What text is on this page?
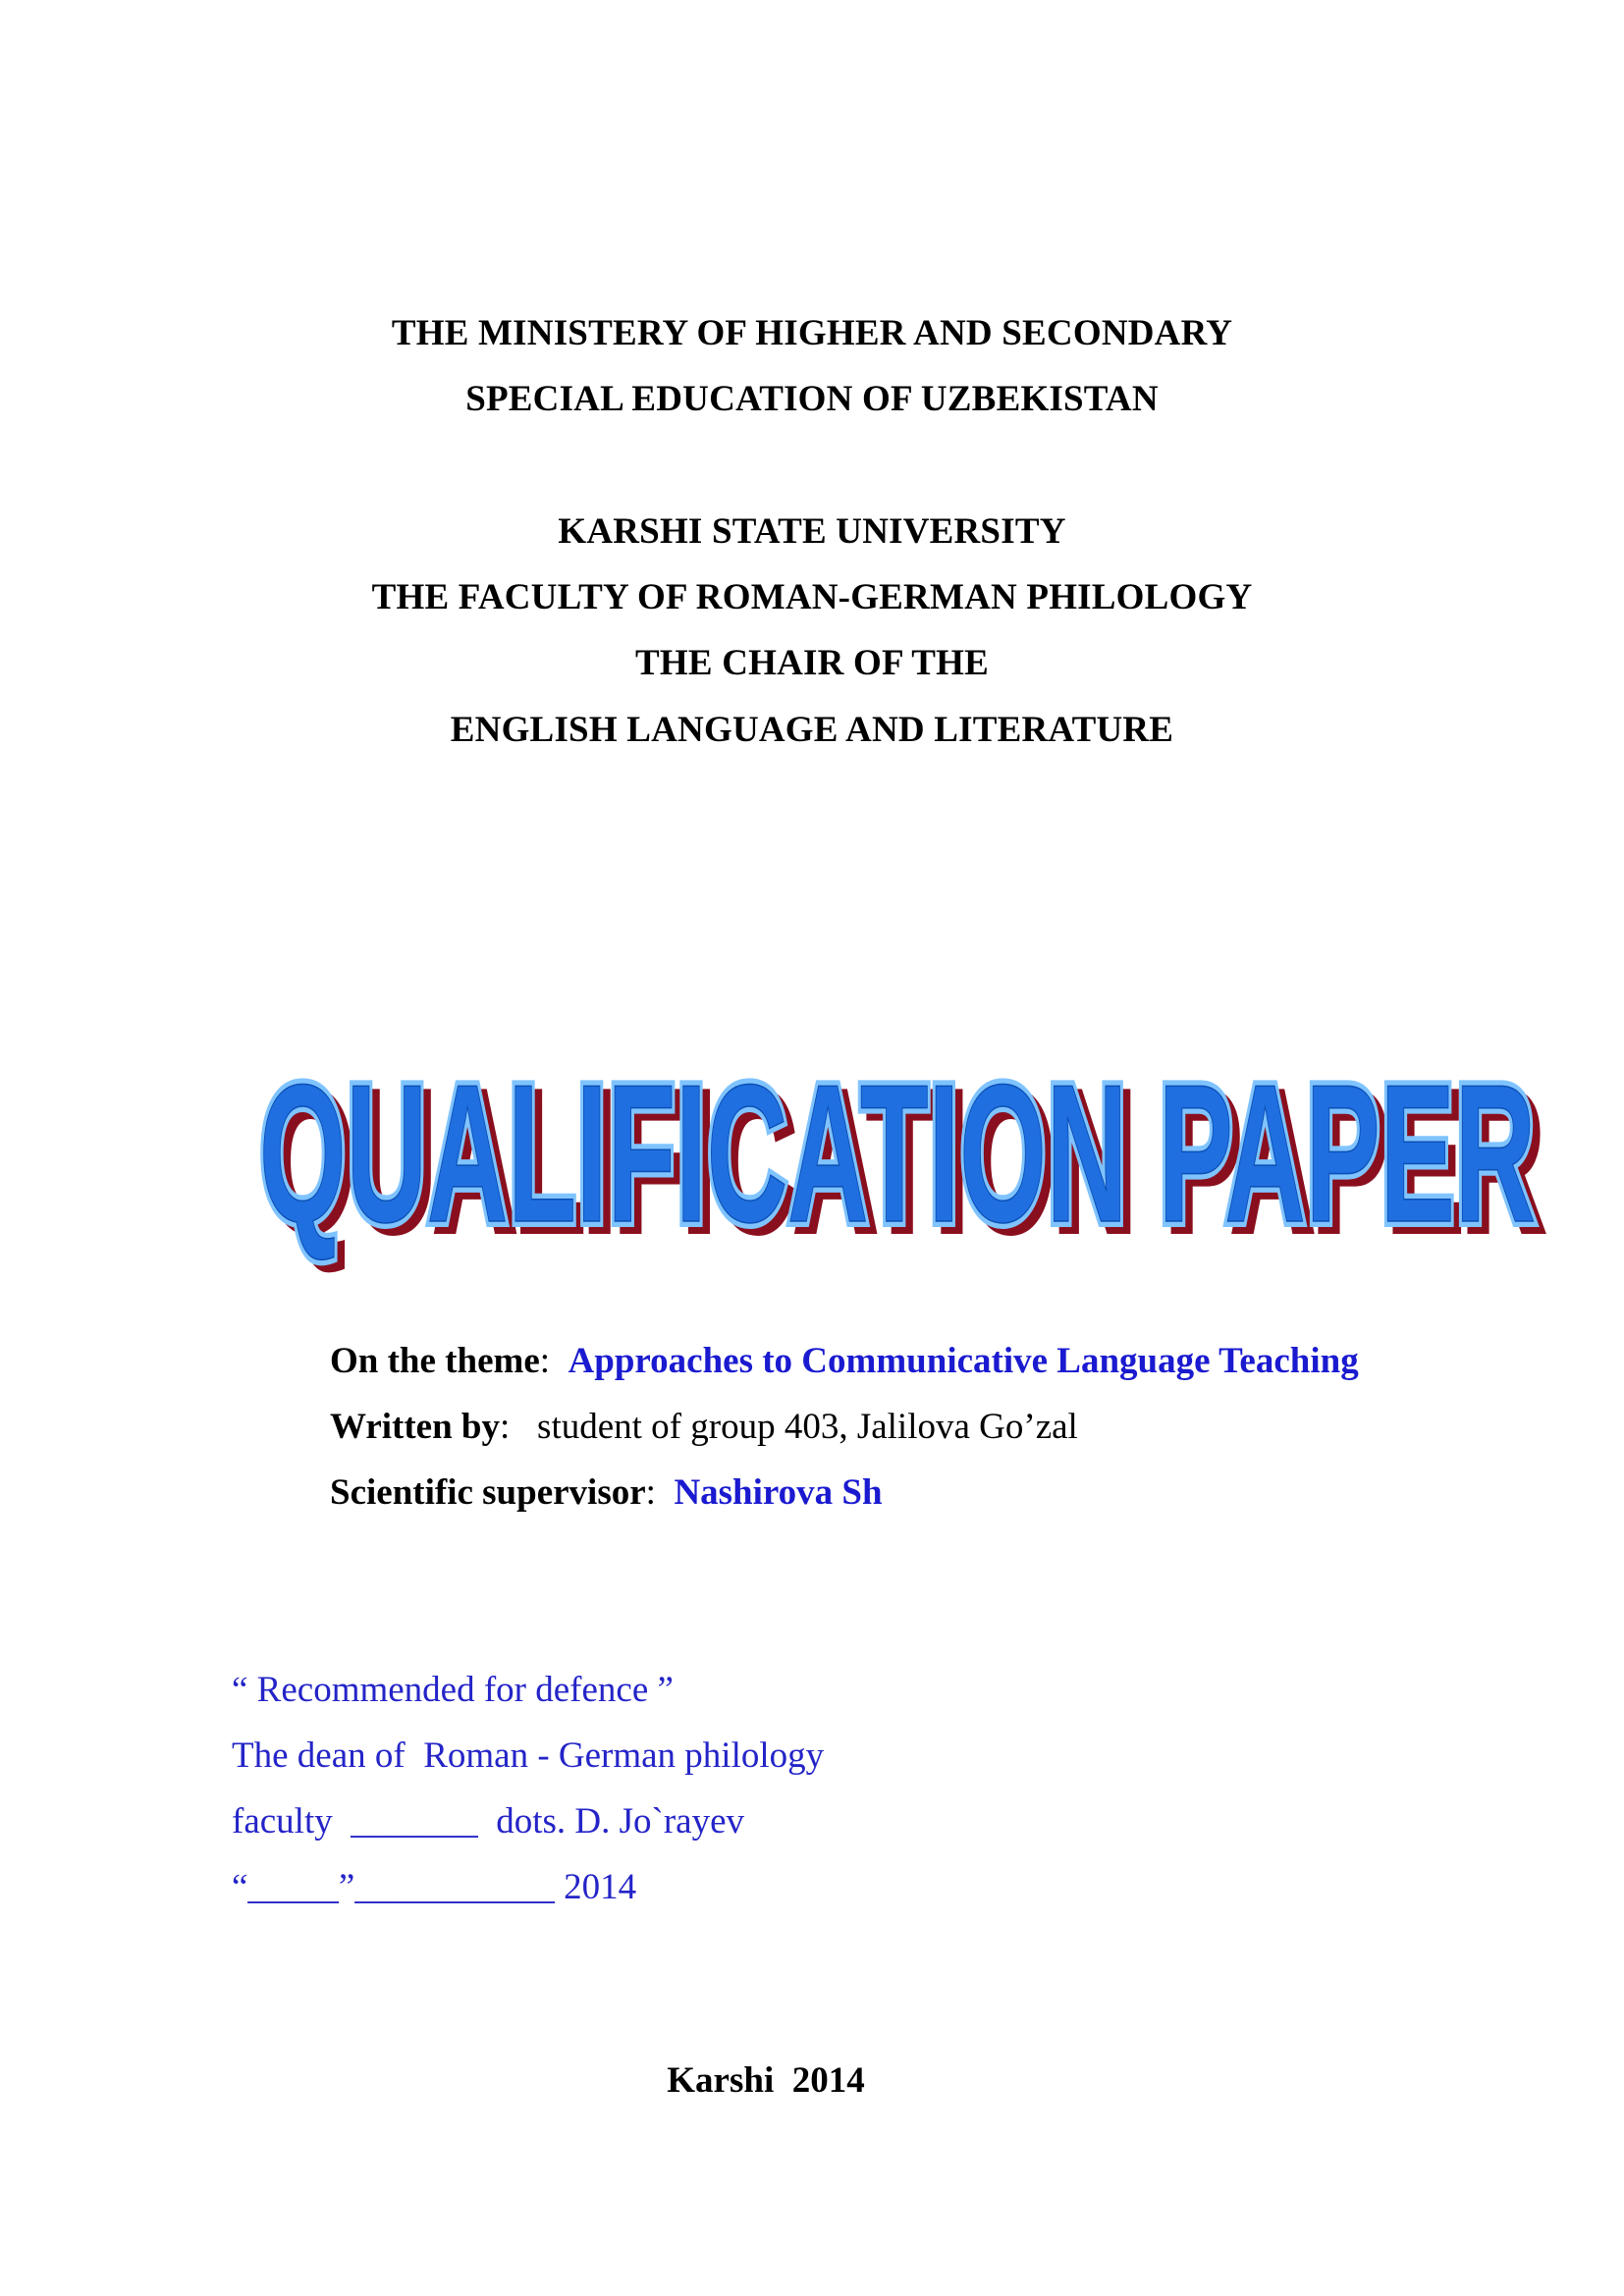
THE MINISTERY OF HIGHER AND SECONDARY
SPECIAL EDUCATION OF UZBEKISTAN
KARSHI STATE UNIVERSITY
THE FACULTY OF ROMAN-GERMAN PHILOLOGY
THE CHAIR OF THE
ENGLISH LANGUAGE AND LITERATURE
QUALIFICATION PAPER
QUALIFICATION PAPER
QUALIFICATION PAPER
On the theme:  Approaches to Communicative Language Teaching
Written by:   student of group 403, Jalilova Go’zal
Scientific supervisor:  Nashirova Sh
“ Recommended for defence ”
The dean of  Roman - German philology
faculty  _______  dots. D. Jo`rayev
“_____”___________ 2014
Karshi  2014
